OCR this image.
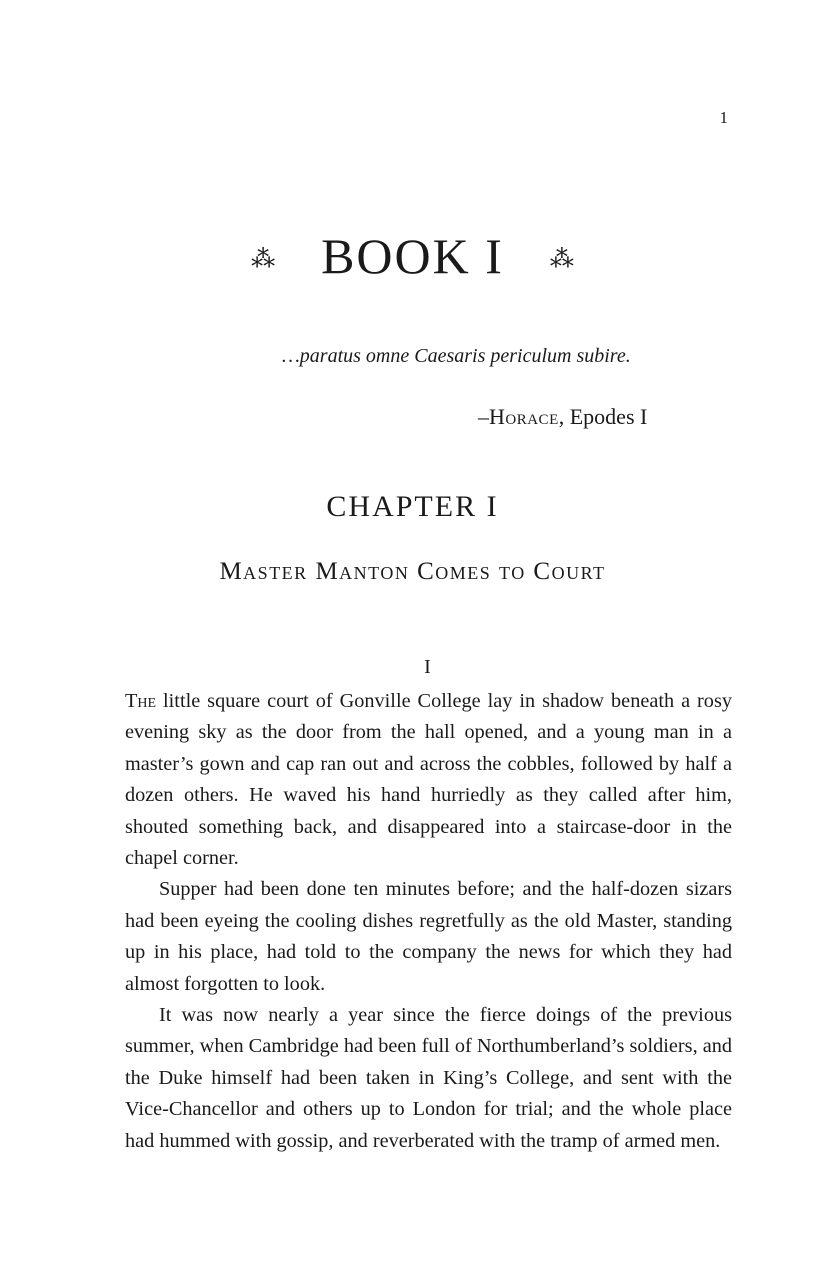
1
⁂ BOOK I ⁂
…paratus omne Caesaris periculum subire.
–Horace, Epodes I
CHAPTER I
Master Manton Comes to Court
I

The little square court of Gonville College lay in shadow beneath a rosy evening sky as the door from the hall opened, and a young man in a master’s gown and cap ran out and across the cobbles, followed by half a dozen others. He waved his hand hurriedly as they called after him, shouted something back, and disappeared into a staircase-door in the chapel corner.

Supper had been done ten minutes before; and the half-dozen sizars had been eyeing the cooling dishes regretfully as the old Master, standing up in his place, had told to the company the news for which they had almost forgotten to look.

It was now nearly a year since the fierce doings of the previous summer, when Cambridge had been full of Northumberland’s soldiers, and the Duke himself had been taken in King’s College, and sent with the Vice-Chancellor and others up to London for trial; and the whole place had hummed with gossip, and reverberated with the tramp of armed men.
